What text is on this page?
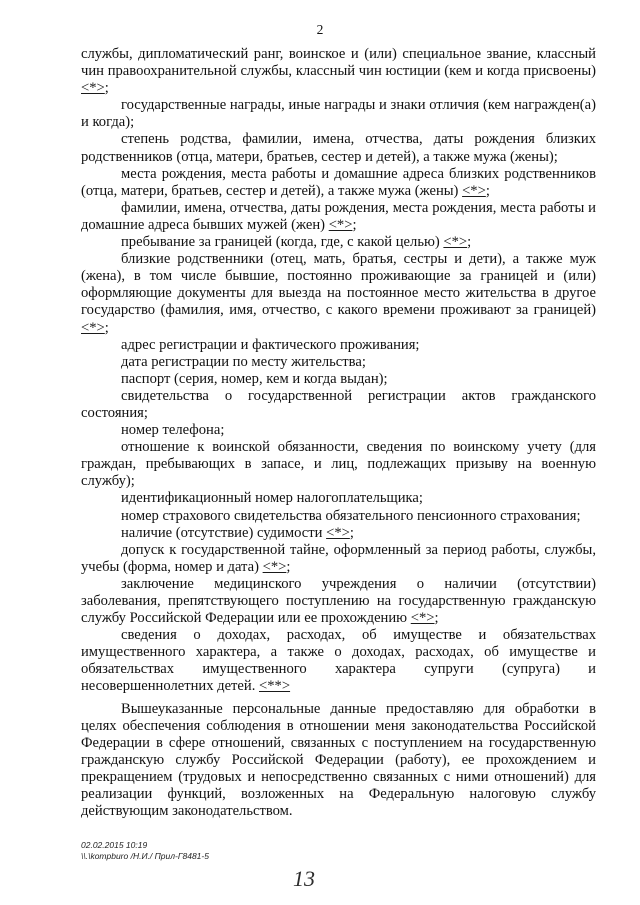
2

службы, дипломатический ранг, воинское и (или) специальное звание, классный чин правоохранительной службы, классный чин юстиции (кем и когда присвоены) <*>;

государственные награды, иные награды и знаки отличия (кем награжден(а) и когда);

степень родства, фамилии, имена, отчества, даты рождения близких родственников (отца, матери, братьев, сестер и детей), а также мужа (жены);

места рождения, места работы и домашние адреса близких родственников (отца, матери, братьев, сестер и детей), а также мужа (жены) <*>;

фамилии, имена, отчества, даты рождения, места рождения, места работы и домашние адреса бывших мужей (жен) <*>;

пребывание за границей (когда, где, с какой целью) <*>;

близкие родственники (отец, мать, братья, сестры и дети), а также муж (жена), в том числе бывшие, постоянно проживающие за границей и (или) оформляющие документы для выезда на постоянное место жительства в другое государство (фамилия, имя, отчество, с какого времени проживают за границей) <*>;

адрес регистрации и фактического проживания;

дата регистрации по месту жительства;

паспорт (серия, номер, кем и когда выдан);

свидетельства о государственной регистрации актов гражданского состояния;

номер телефона;

отношение к воинской обязанности, сведения по воинскому учету (для граждан, пребывающих в запасе, и лиц, подлежащих призыву на военную службу);

идентификационный номер налогоплательщика;

номер страхового свидетельства обязательного пенсионного страхования;

наличие (отсутствие) судимости <*>;

допуск к государственной тайне, оформленный за период работы, службы, учебы (форма, номер и дата) <*>;

заключение медицинского учреждения о наличии (отсутствии) заболевания, препятствующего поступлению на государственную гражданскую службу Российской Федерации или ее прохождению <*>;

сведения о доходах, расходах, об имуществе и обязательствах имущественного характера, а также о доходах, расходах, об имуществе и обязательствах имущественного характера супруги (супруга) и несовершеннолетних детей. <**>

Вышеуказанные персональные данные предоставляю для обработки в целях обеспечения соблюдения в отношении меня законодательства Российской Федерации в сфере отношений, связанных с поступлением на государственную гражданскую службу Российской Федерации (работу), ее прохождением и прекращением (трудовых и непосредственно связанных с ними отношений) для реализации функций, возложенных на Федеральную налоговую службу действующим законодательством.

02.02.2015 10:19
\\.\kompburo /Н.И./ Прил-Г8481-5
13
